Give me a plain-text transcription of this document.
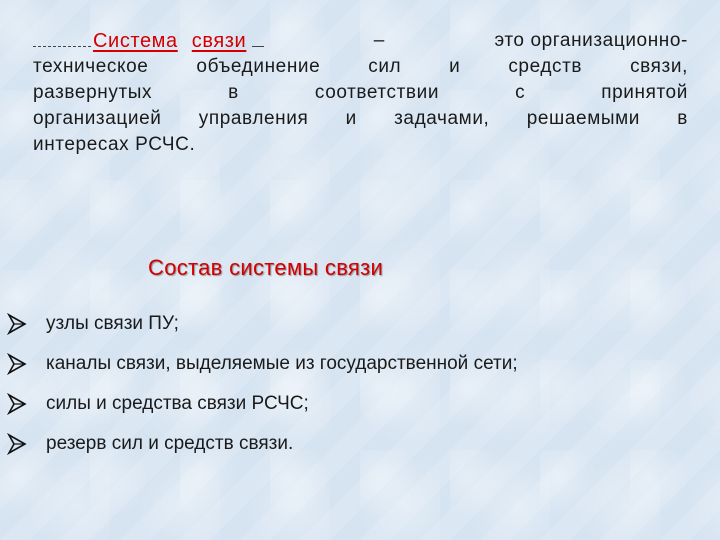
Система связи	–	это организационно-
техническое	объединение	сил	и	средств	связи,
развернутых	в	соответствии	с	принятой
организацией управления и задачами, решаемыми в
интересах РСЧС.
Состав системы связи
узлы связи ПУ;
каналы связи, выделяемые из государственной сети;
силы и средства связи РСЧС;
резерв сил и средств связи.
